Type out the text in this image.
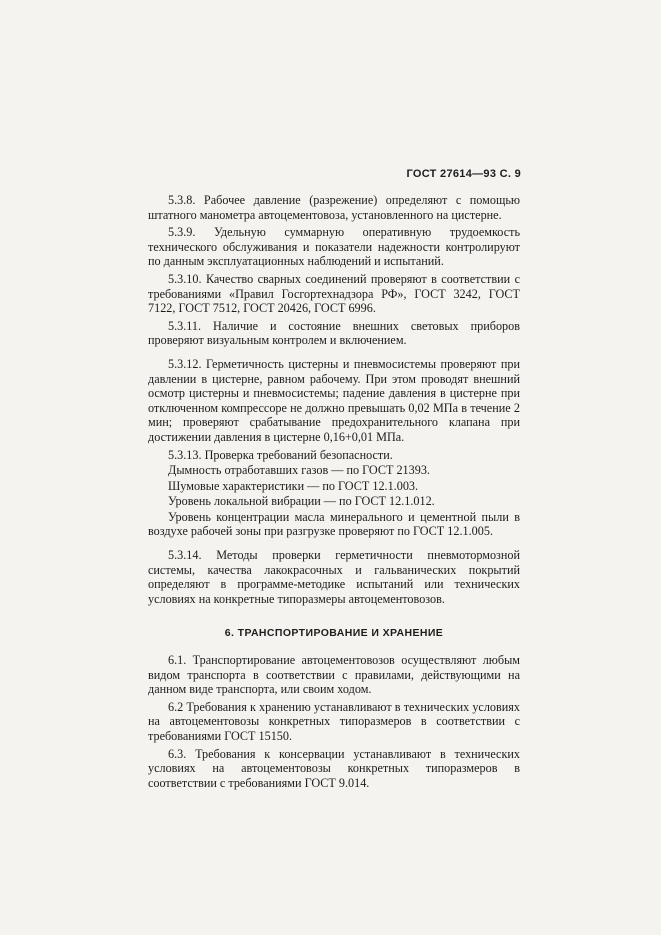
ГОСТ 27614—93 С. 9

5.3.8. Рабочее давление (разрежение) определяют с помощью штатного манометра автоцементовоза, установленного на цистерне.

5.3.9. Удельную суммарную оперативную трудоемкость технического обслуживания и показатели надежности контролируют по данным эксплуатационных наблюдений и испытаний.

5.3.10. Качество сварных соединений проверяют в соответствии с требованиями «Правил Госгортехнадзора РФ», ГОСТ 3242, ГОСТ 7122, ГОСТ 7512, ГОСТ 20426, ГОСТ 6996.

5.3.11. Наличие и состояние внешних световых приборов проверяют визуальным контролем и включением.

5.3.12. Герметичность цистерны и пневмосистемы проверяют при давлении в цистерне, равном рабочему. При этом проводят внешний осмотр цистерны и пневмосистемы; падение давления в цистерне при отключенном компрессоре не должно превышать 0,02 МПа в течение 2 мин; проверяют срабатывание предохранительного клапана при достижении давления в цистерне 0,16+0,01 МПа.

5.3.13. Проверка требований безопасности.

Дымность отработавших газов — по ГОСТ 21393.

Шумовые характеристики — по ГОСТ 12.1.003.

Уровень локальной вибрации — по ГОСТ 12.1.012.

Уровень концентрации масла минерального и цементной пыли в воздухе рабочей зоны при разгрузке проверяют по ГОСТ 12.1.005.

5.3.14. Методы проверки герметичности пневмотормозной системы, качества лакокрасочных и гальванических покрытий определяют в программе-методике испытаний или технических условиях на конкретные типоразмеры автоцементовозов.

6. ТРАНСПОРТИРОВАНИЕ И ХРАНЕНИЕ

6.1. Транспортирование автоцементовозов осуществляют любым видом транспорта в соответствии с правилами, действующими на данном виде транспорта, или своим ходом.

6.2 Требования к хранению устанавливают в технических условиях на автоцементовозы конкретных типоразмеров в соответствии с требованиями ГОСТ 15150.

6.3. Требования к консервации устанавливают в технических условиях на автоцементовозы конкретных типоразмеров в соответствии с требованиями ГОСТ 9.014.
